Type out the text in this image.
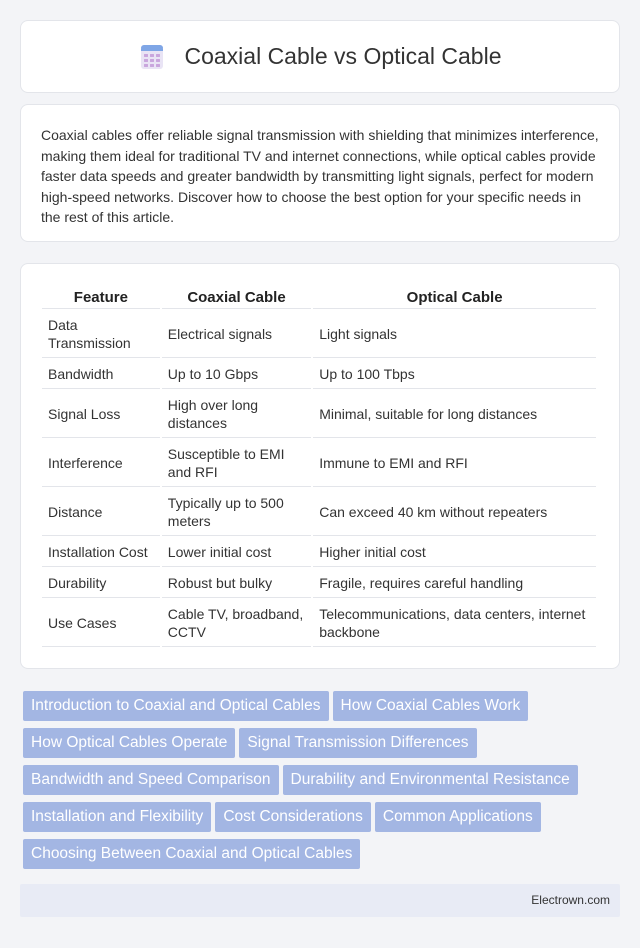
Coaxial Cable vs Optical Cable

Coaxial cables offer reliable signal transmission with shielding that minimizes interference, making them ideal for traditional TV and internet connections, while optical cables provide faster data speeds and greater bandwidth by transmitting light signals, perfect for modern high-speed networks. Discover how to choose the best option for your specific needs in the rest of this article.

Feature	Coaxial Cable	Optical Cable
Data Transmission	Electrical signals	Light signals
Bandwidth	Up to 10 Gbps	Up to 100 Tbps
Signal Loss	High over long distances	Minimal, suitable for long distances
Interference	Susceptible to EMI and RFI	Immune to EMI and RFI
Distance	Typically up to 500 meters	Can exceed 40 km without repeaters
Installation Cost	Lower initial cost	Higher initial cost
Durability	Robust but bulky	Fragile, requires careful handling
Use Cases	Cable TV, broadband, CCTV	Telecommunications, data centers, internet backbone
Introduction to Coaxial and Optical Cables How Coaxial Cables Work
How Optical Cables Operate Signal Transmission Differences
Bandwidth and Speed Comparison Durability and Environmental Resistance
Installation and Flexibility Cost Considerations Common Applications
Choosing Between Coaxial and Optical Cables
Electrown.com
